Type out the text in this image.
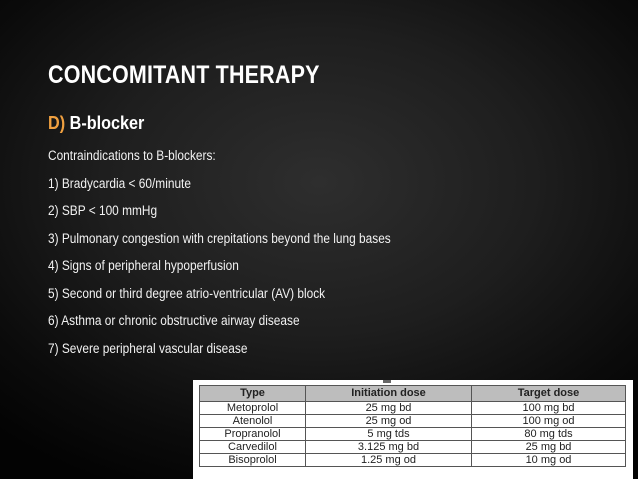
CONCOMITANT THERAPY
D) B-blocker
Contraindications to B-blockers:
1) Bradycardia < 60/minute
2) SBP < 100 mmHg
3) Pulmonary congestion with crepitations beyond the lung bases
4) Signs of peripheral hypoperfusion
5) Second or third degree atrio-ventricular (AV) block
6) Asthma or chronic obstructive airway disease
7) Severe peripheral vascular disease
Type	Initiation dose	Target dose
Metoprolol	25 mg bd	100 mg bd
Atenolol	25 mg od	100 mg od
Propranolol	5 mg tds	80 mg tds
Carvedilol	3.125 mg bd	25 mg bd
Bisoprolol	1.25 mg od	10 mg od
